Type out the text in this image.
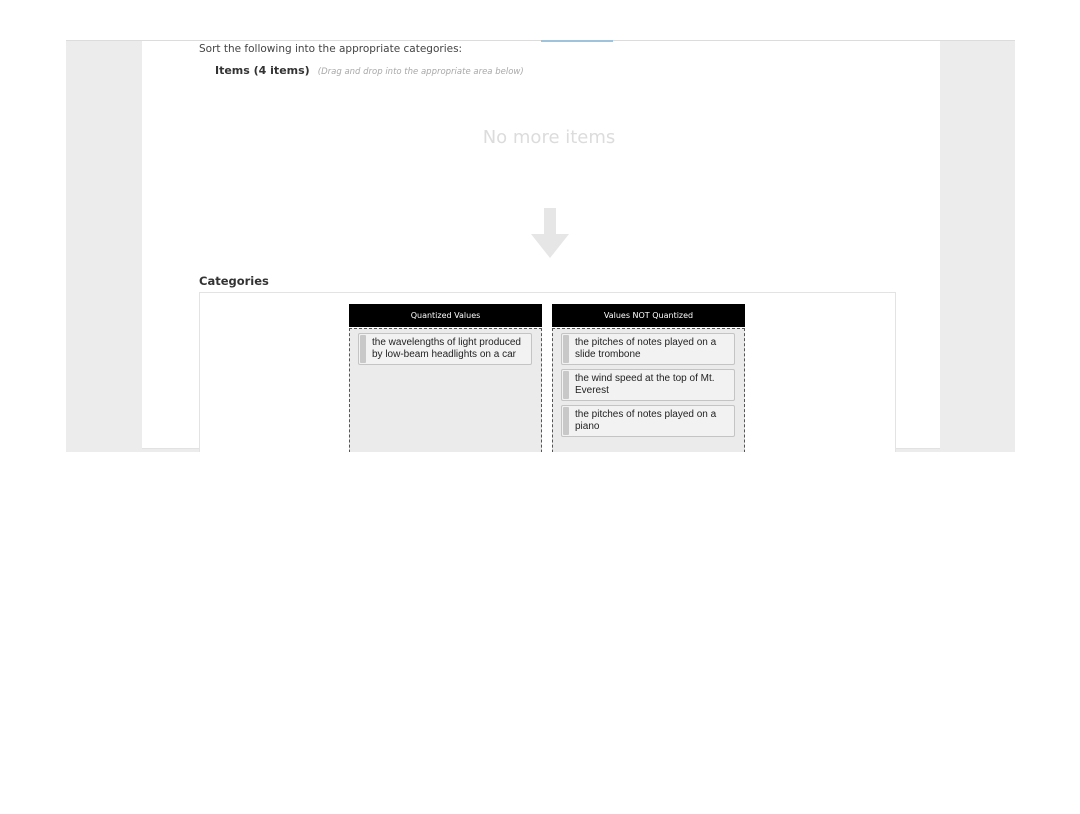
Sort the following into the appropriate categories:
Items (4 items) (Drag and drop into the appropriate area below)
No more items
Categories
Quantized Values
the wavelengths of light produced by low-beam headlights on a car
Values NOT Quantized
the pitches of notes played on a slide trombone
the wind speed at the top of Mt. Everest
the pitches of notes played on a piano
